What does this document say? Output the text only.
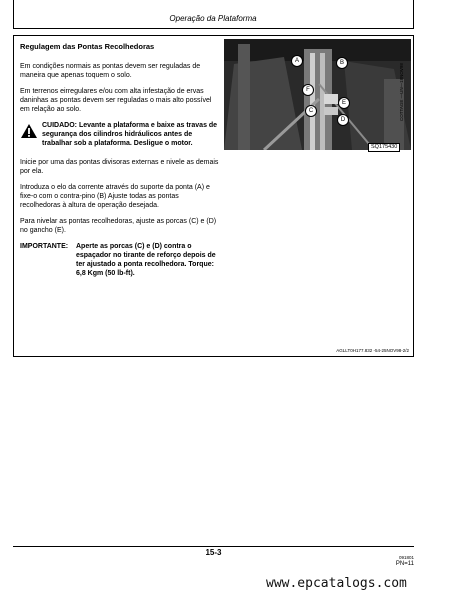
Operação da Plataforma
Regulagem das Pontas Recolhedoras

Em condições normais as pontas devem ser reguladas de maneira que apenas toquem o solo.

Em terrenos eirregulares e/ou com alta infestação de ervas daninhas as pontas devem ser reguladas o mais alto possível em relação ao solo.

CUIDADO: Levante a plataforma e baixe as travas de segurança dos cilindros hidráulicos antes de trabalhar sob a plataforma. Desligue o motor.

Inicie por uma das pontas divisoras externas e nivele as demais por ela.

Introduza o elo da corrente através do suporte da ponta (A) e fixe-o com o contra-pino (B) Ajuste todas as pontas recolhedoras à altura de operação desejada.

Para nivelar as pontas recolhedoras, ajuste as porcas (C) e (D) no gancho (E).

IMPORTANTE:	Aperte as porcas (C) e (D) contra o espaçador no tirante de reforço depois de ter ajustado a ponta recolhedora. Torque: 6,8 Kgm (50 lb-ft).
A	B
F
E
C
D	COTTAGE —UN—18NOV98
SQ175430
AGLLT0H177.832 -54-25NOV98-2/2
15-3
091801
PN=11
www.epcatalogs.com
